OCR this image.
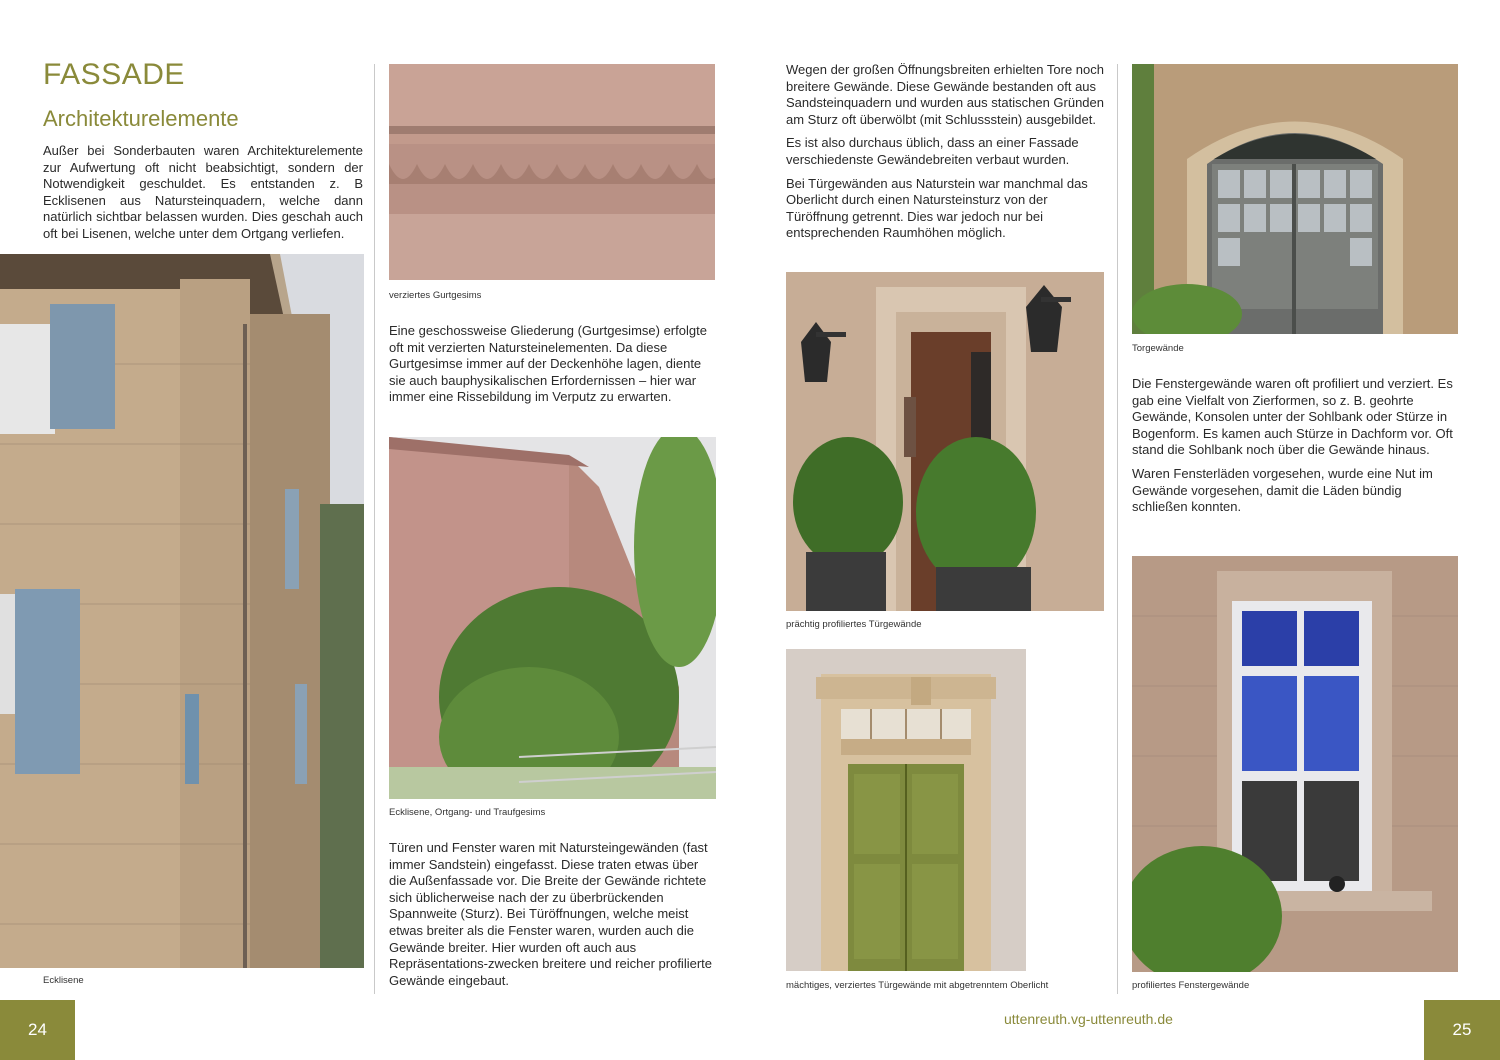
FASSADE
Architekturelemente
Außer bei Sonderbauten waren Architekturelemente zur Aufwertung oft nicht beabsichtigt, sondern der Notwendigkeit geschuldet. Es entstanden z. B Ecklisenen aus Natursteinquadern, welche dann natürlich sichtbar belassen wurden. Dies geschah auch oft bei Lisenen, welche unter dem Ortgang verliefen.
Ecklisene
verziertes Gurtgesims
Eine geschossweise Gliederung (Gurtgesimse) erfolgte oft mit verzierten Natursteinelementen. Da diese Gurtgesimse immer auf der Deckenhöhe lagen, diente sie auch bauphysikalischen Erfordernissen – hier war immer eine Rissebildung im Verputz zu erwarten.
Ecklisene, Ortgang- und Traufgesims
Türen und Fenster waren mit Natursteingewänden (fast immer Sandstein) eingefasst. Diese traten etwas über die Außenfassade vor. Die Breite der Gewände richtete sich üblicherweise nach der zu überbrückenden Spannweite (Sturz). Bei Türöffnungen, welche meist etwas breiter als die Fenster waren, wurden auch die Gewände breiter. Hier wurden oft auch aus Repräsentations-zwecken breitere und reicher profilierte Gewände eingebaut.
24

Wegen der großen Öffnungsbreiten erhielten Tore noch breitere Gewände. Diese Gewände bestanden oft aus Sandsteinquadern und wurden aus statischen Gründen am Sturz oft überwölbt (mit Schlussstein) ausgebildet.

Es ist also durchaus üblich, dass an einer Fassade verschiedenste Gewändebreiten verbaut wurden.

Bei Türgewänden aus Naturstein war manchmal das Oberlicht durch einen Natursteinsturz von der Türöffnung getrennt. Dies war jedoch nur bei entsprechenden Raumhöhen möglich.

prächtig profiliertes Türgewände
mächtiges, verziertes Türgewände mit abgetrenntem Oberlicht
Torgewände

Die Fenstergewände waren oft profiliert und verziert. Es gab eine Vielfalt von Zierformen, so z. B. geohrte Gewände, Konsolen unter der Sohlbank oder Stürze in Bogenform. Es kamen auch Stürze in Dachform vor. Oft stand die Sohlbank noch über die Gewände hinaus.

Waren Fensterläden vorgesehen, wurde eine Nut im Gewände vorgesehen, damit die Läden bündig schließen konnten.

profiliertes Fenstergewände
uttenreuth.vg-uttenreuth.de
25
